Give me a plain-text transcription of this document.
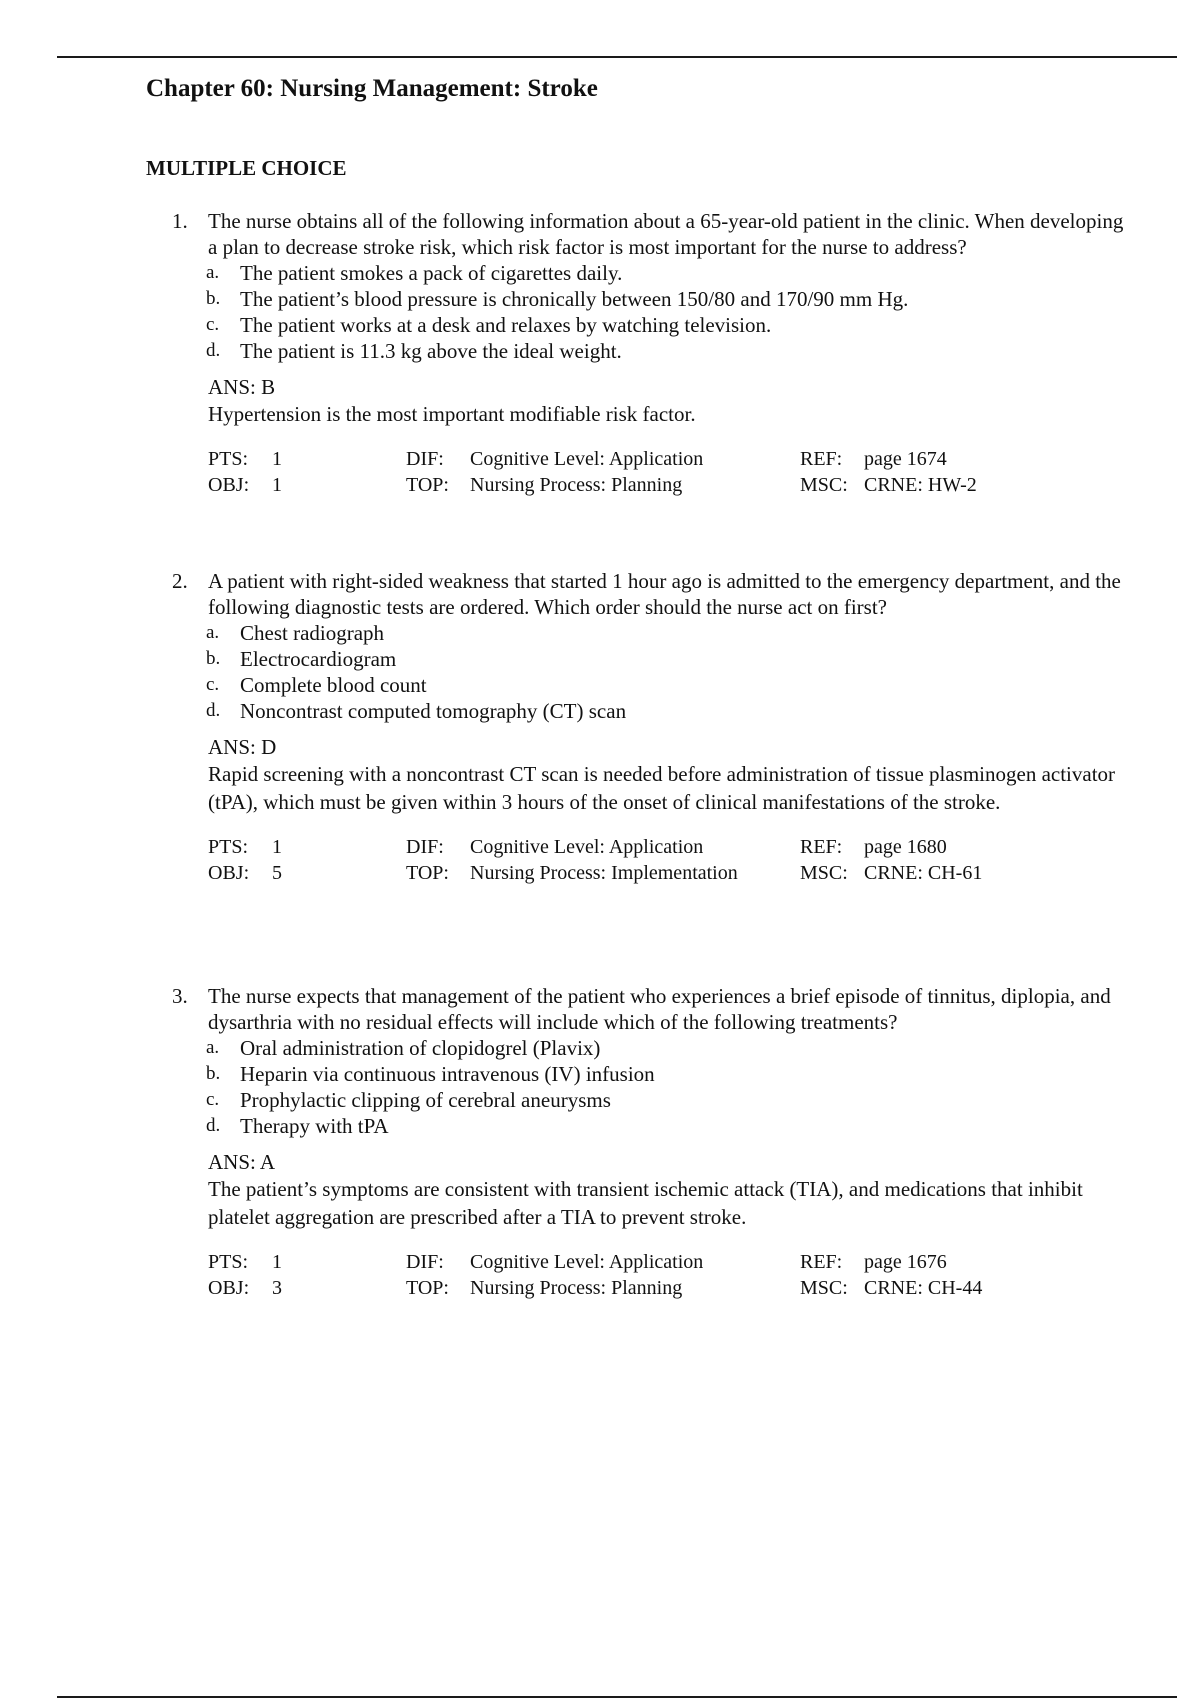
Chapter 60: Nursing Management: Stroke
MULTIPLE CHOICE
1. The nurse obtains all of the following information about a 65-year-old patient in the clinic. When developing a plan to decrease stroke risk, which risk factor is most important for the nurse to address?
a. The patient smokes a pack of cigarettes daily.
b. The patient’s blood pressure is chronically between 150/80 and 170/90 mm Hg.
c. The patient works at a desk and relaxes by watching television.
d. The patient is 11.3 kg above the ideal weight.
ANS: B
Hypertension is the most important modifiable risk factor.
PTS: 1	DIF: Cognitive Level: Application	REF: page 1674
OBJ: 1	TOP: Nursing Process: Planning	MSC: CRNE: HW-2
2. A patient with right-sided weakness that started 1 hour ago is admitted to the emergency department, and the following diagnostic tests are ordered. Which order should the nurse act on first?
a. Chest radiograph
b. Electrocardiogram
c. Complete blood count
d. Noncontrast computed tomography (CT) scan
ANS: D
Rapid screening with a noncontrast CT scan is needed before administration of tissue plasminogen activator (tPA), which must be given within 3 hours of the onset of clinical manifestations of the stroke.
PTS: 1	DIF: Cognitive Level: Application	REF: page 1680
OBJ: 5	TOP: Nursing Process: Implementation	MSC: CRNE: CH-61
3. The nurse expects that management of the patient who experiences a brief episode of tinnitus, diplopia, and dysarthria with no residual effects will include which of the following treatments?
a. Oral administration of clopidogrel (Plavix)
b. Heparin via continuous intravenous (IV) infusion
c. Prophylactic clipping of cerebral aneurysms
d. Therapy with tPA
ANS: A
The patient’s symptoms are consistent with transient ischemic attack (TIA), and medications that inhibit platelet aggregation are prescribed after a TIA to prevent stroke.
PTS: 1	DIF: Cognitive Level: Application	REF: page 1676
OBJ: 3	TOP: Nursing Process: Planning	MSC: CRNE: CH-44
